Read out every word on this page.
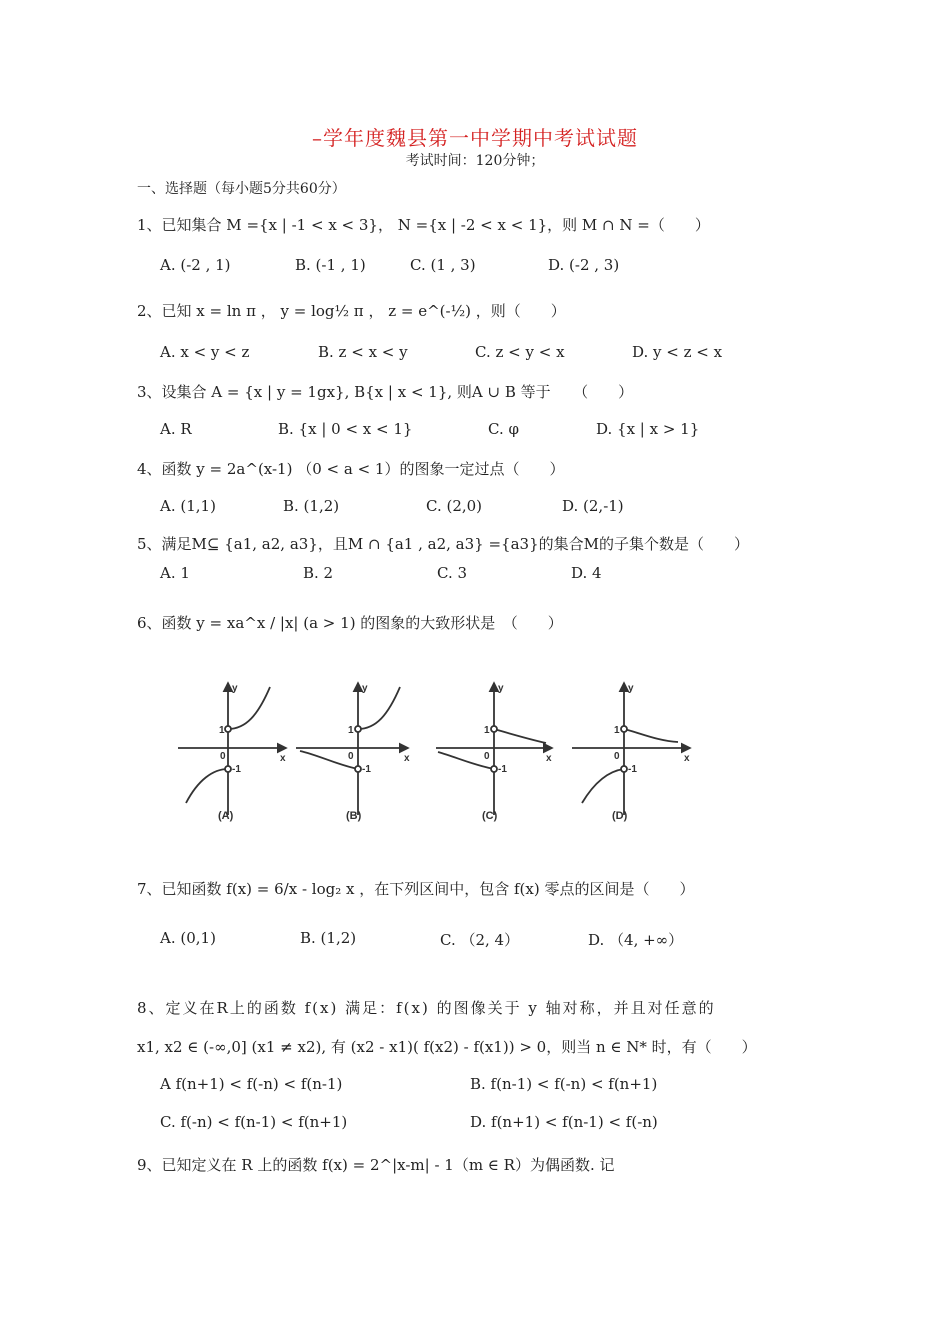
–学年度魏县第一中学期中考试试题
考试时间：120分钟；
一、选择题（每小题5分共60分）
1、已知集合 M ={x | -1 < x < 3}， N ={x | -2 < x < 1}，则 M ∩ N =（　　）
A. (-2 , 1)	B. (-1 , 1)	C. (1 , 3)	D. (-2 , 3)
2、已知 x = ln π ， y = log½ π ， z = e^(-½) ，则（　　）
A. x < y < z	B. z < x < y	C. z < y < x	D. y < z < x
3、设集合 A = {x | y = 1gx}, B{x | x < 1}, 则A ∪ B 等于　　（　　）
A. R	B. {x | 0 < x < 1}	C. φ	D. {x | x > 1}
4、函数 y = 2a^(x-1) （0 < a < 1）的图象一定过点（　　）
A. (1,1)	B. (1,2)	C. (2,0)	D. (2,-1)
5、满足M⊆ {a1, a2, a3}，且M ∩ {a1 , a2, a3} ={a3}的集合M的子集个数是（　　）
A. 1	B. 2	C. 3	D. 4
6、函数 y = xa^x / |x| (a > 1) 的图象的大致形状是　（　　）
y
x
1
0
-1
(A)
y
x
1
0
-1
(B)
y
x
1
0
-1
(C)
y
x
1
0
-1
(D)
7、已知函数 f(x) = 6/x - log₂ x ，在下列区间中，包含 f(x) 零点的区间是（　　）
A. (0,1)	B. (1,2)	C. （2, 4）	D. （4, +∞）
8、定义在R上的函数 f(x) 满足：f(x) 的图像关于 y 轴对称，并且对任意的
x1, x2 ∈ (-∞,0] (x1 ≠ x2), 有 (x2 - x1)( f(x2) - f(x1)) > 0，则当 n ∈ N* 时，有（　　）
A f(n+1) < f(-n) < f(n-1)	B. f(n-1) < f(-n) < f(n+1)
C. f(-n) < f(n-1) < f(n+1)	D. f(n+1) < f(n-1) < f(-n)
9、已知定义在 R 上的函数 f(x) = 2^|x-m| - 1（m ∈ R）为偶函数. 记
